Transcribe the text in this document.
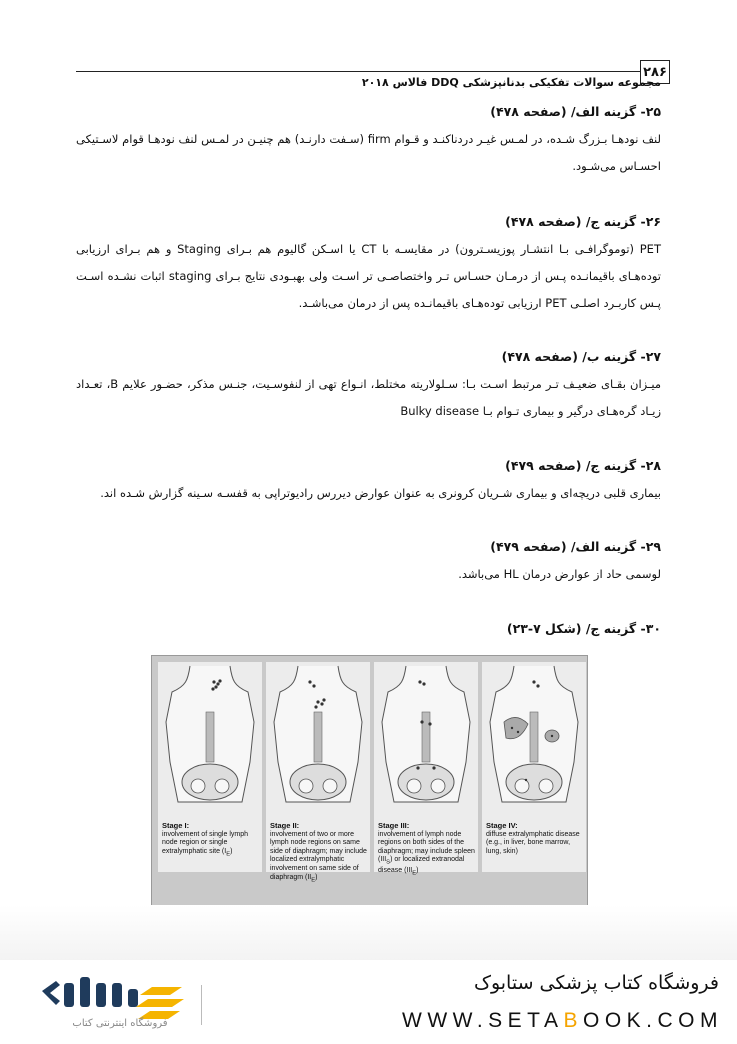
۲۸۶
مجموعه سوالات تفکیکی بدنانپزشکی DDQ فالاس ۲۰۱۸
۲۵- گزینه الف/ (صفحه ۴۷۸)

لنف نودهـا بـزرگ شـده، در لمـس غیـر دردناکنـد و قـوام firm (سـفت دارنـد) هم چنیـن در لمـس لنف نودهـا قوام لاسـتیکی احسـاس می‌شـود.

۲۶- گزینه ج/ (صفحه ۴۷۸)

PET (توموگرافـی بـا انتشـار پوزیسـترون) در مقایسـه با CT یا اسـکن گالیوم هم بـرای Staging و هم بـرای ارزیابی توده‌هـای باقیمانـده پـس از درمـان حسـاس تـر واختصاصـی تر اسـت ولی بهبـودی نتایج بـرای staging اثبات نشـده اسـت پـس کاربـرد اصلـی PET ارزیابی توده‌هـای باقیمانـده پس از درمان می‌باشـد.

۲۷- گزینه ب/ (صفحه ۴۷۸)

میـزان بقـای ضعیـف تـر مرتبط اسـت بـا: سـلولاریته مختلط، انـواع تهی از لنفوسـیت، جنـس مذکر، حضـور علایم B، تعـداد زیـاد گره‌هـای درگیر و بیماری تـوام بـا Bulky disease

۲۸- گزینه ج/ (صفحه ۴۷۹)

بیماری قلبی دریچه‌ای و بیماری شـریان کرونری به عنوان عوارض دیررس رادیوتراپی به قفسـه سـینه گزارش شـده اند.

۲۹- گزینه الف/ (صفحه ۴۷۹)

لوسمی حاد از عوارض درمان HL می‌باشد.

۳۰- گزینه ج/ (شکل ۷-۲۳)
Stage I:
involvement of single lymph node region or single extralymphatic site $(I_E)$
Stage II:
involvement of two or more lymph node regions on same side of diaphragm; may include localized extralymphatic involvement on same side of diaphragm $(II_E)$
Stage III:
involvement of lymph node regions on both sides of the diaphragm; may include spleen $(III_S)$ or localized extranodal disease $(III_E)$
Stage IV:
diffuse extralymphatic disease (e.g., in liver, bone marrow, lung, skin)
فروشگاه اینترنتی کتاب
فروشگاه کتاب پزشکی ستابوک
WWW.SETABOOK.COM
